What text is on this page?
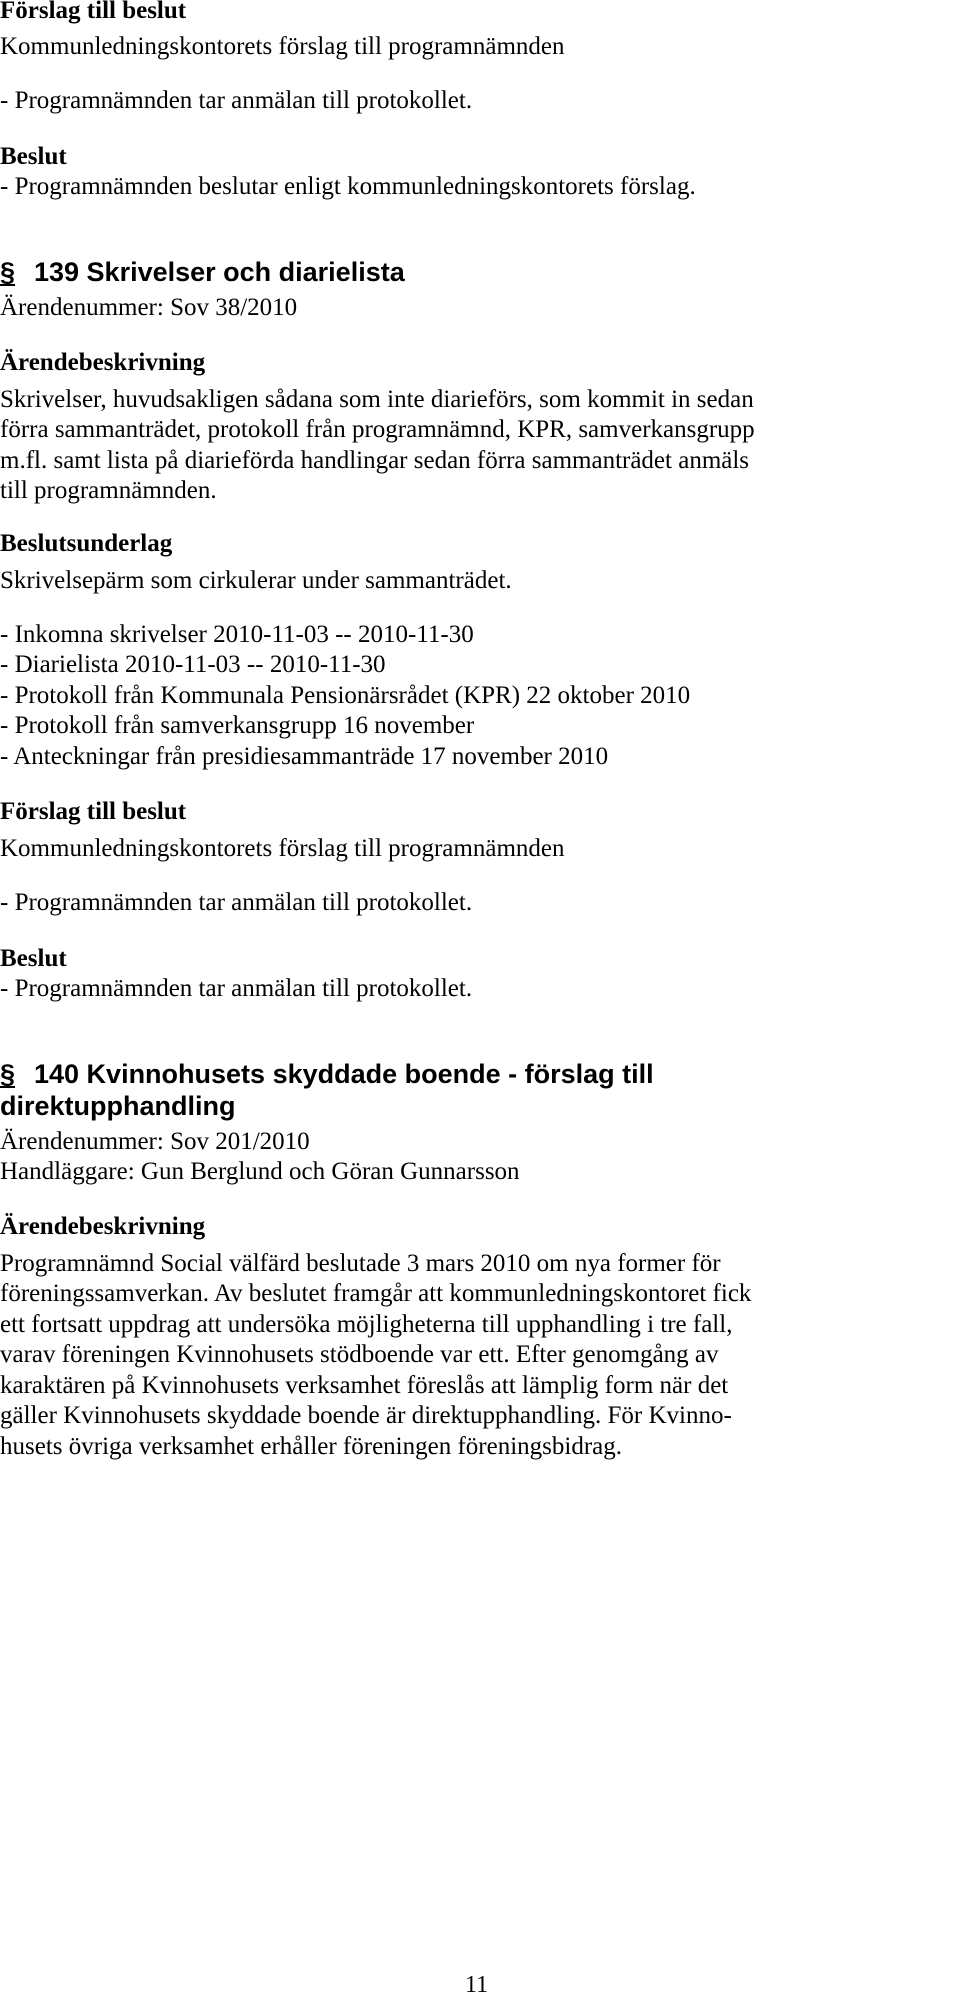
Förslag till beslut
Kommunledningskontorets förslag till programnämnden
- Programnämnden tar anmälan till protokollet.
Beslut
- Programnämnden beslutar enligt kommunledningskontorets förslag.
§ 139 Skrivelser och diarielista
Ärendenummer: Sov 38/2010
Ärendebeskrivning
Skrivelser, huvudsakligen sådana som inte diarieförs, som kommit in sedan
förra sammanträdet, protokoll från programnämnd, KPR, samverkansgrupp
m.fl. samt lista på diarieförda handlingar sedan förra sammanträdet anmäls
till programnämnden.
Beslutsunderlag
Skrivelsepärm som cirkulerar under sammanträdet.
- Inkomna skrivelser 2010-11-03 -- 2010-11-30
- Diarielista 2010-11-03 -- 2010-11-30
- Protokoll från Kommunala Pensionärsrådet (KPR) 22 oktober 2010
- Protokoll från samverkansgrupp 16 november
- Anteckningar från presidiesammanträde 17 november 2010
Förslag till beslut
Kommunledningskontorets förslag till programnämnden
- Programnämnden tar anmälan till protokollet.
Beslut
- Programnämnden tar anmälan till protokollet.
§ 140 Kvinnohusets skyddade boende - förslag till
direktupphandling
Ärendenummer: Sov 201/2010
Handläggare: Gun Berglund och Göran Gunnarsson
Ärendebeskrivning
Programnämnd Social välfärd beslutade 3 mars 2010 om nya former för
föreningssamverkan. Av beslutet framgår att kommunledningskontoret fick
ett fortsatt uppdrag att undersöka möjligheterna till upphandling i tre fall,
varav föreningen Kvinnohusets stödboende var ett. Efter genomgång av
karaktären på Kvinnohusets verksamhet föreslås att lämplig form när det
gäller Kvinnohusets skyddade boende är direktupphandling. För Kvinno-
husets övriga verksamhet erhåller föreningen föreningsbidrag.
11
